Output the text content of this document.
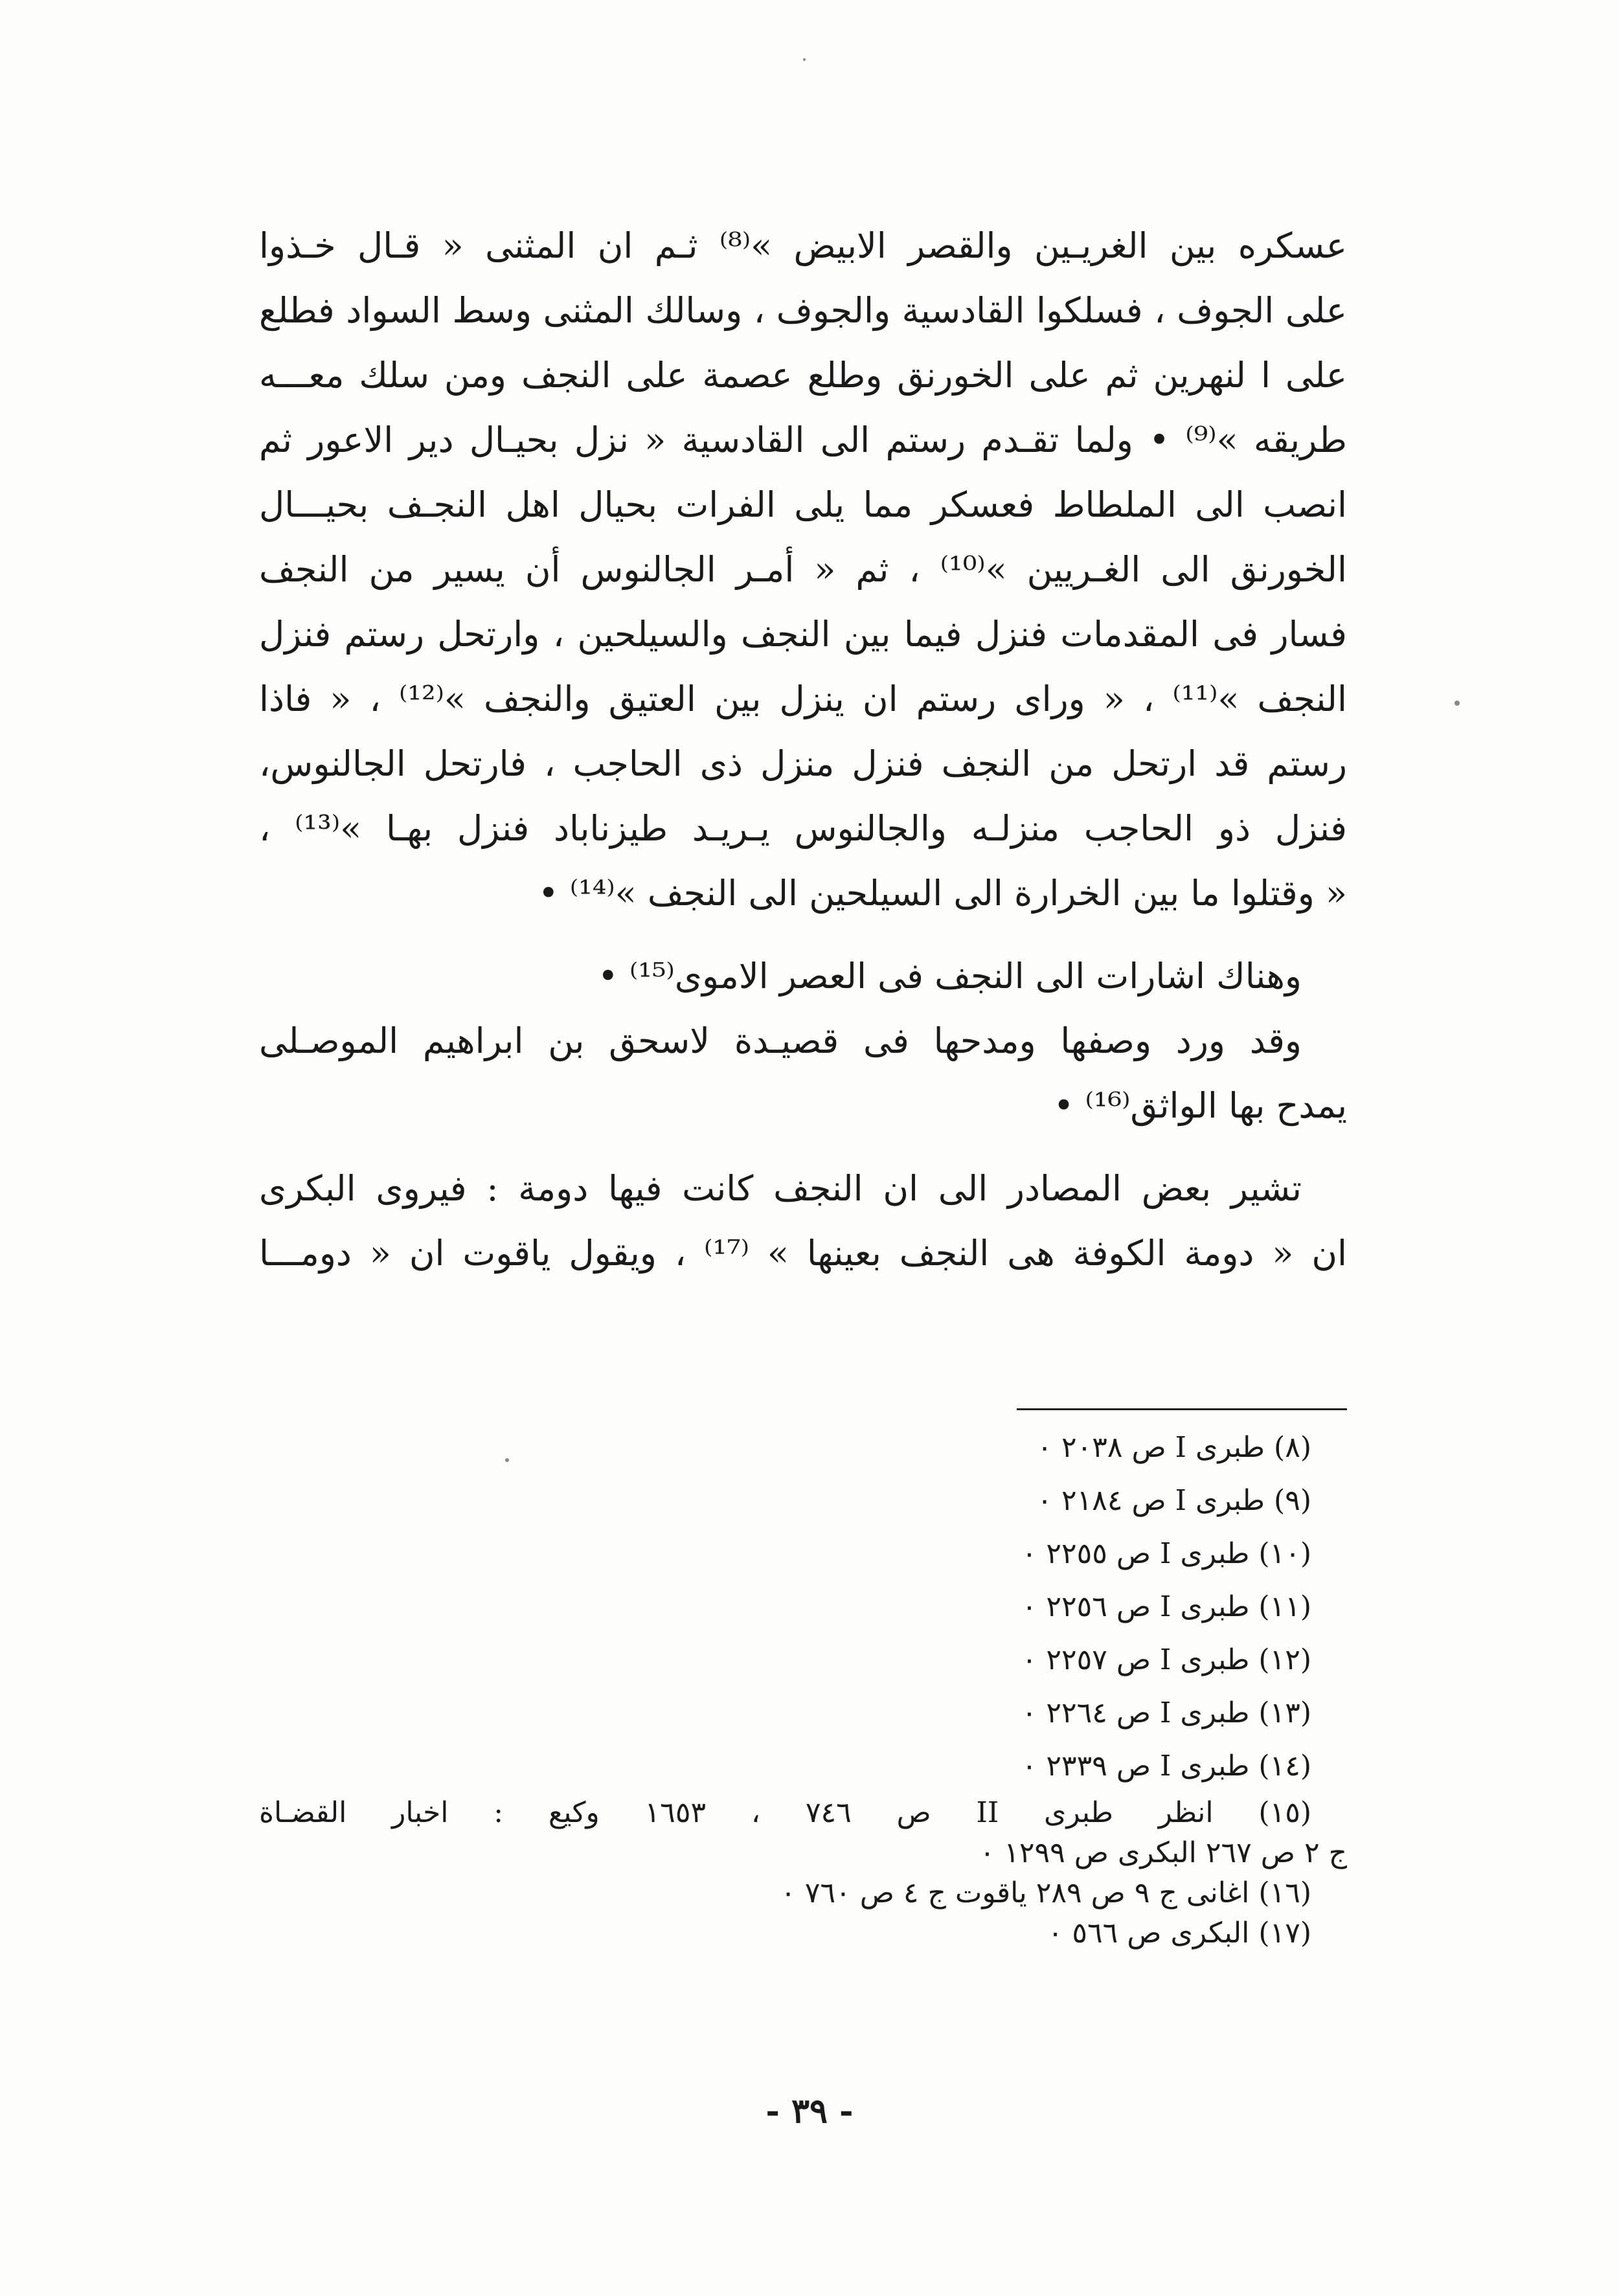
عسكره بين الغريـين والقصر الابيض »⁽⁸⁾ ثـم ان المثنى « قـال خـذوا
على الجوف ، فسلكوا القادسية والجوف ، وسالك المثنى وسط السواد فطلع
على ا لنهرين ثم على الخورنق وطلع عصمة على النجف ومن سلك معـــه
طريقه »⁽⁹⁾ • ولما تقـدم رستم الى القادسية « نزل بحيـال دير الاعور ثم
انصب الى الملطاط فعسكر مما يلى الفرات بحيال اهل النجـف بحيـــال
الخورنق الى الغـريين »⁽¹⁰⁾ ، ثم « أمـر الجالنوس أن يسير من النجف
فسار فى المقدمات فنزل فيما بين النجف والسيلحين ، وارتحل رستم فنزل
النجف »⁽¹¹⁾ ، « وراى رستم ان ينزل بين العتيق والنجف »⁽¹²⁾ ، « فاذا
رستم قد ارتحل من النجف فنزل منزل ذى الحاجب ، فارتحل الجالنوس،
فنزل ذو الحاجب منزلـه والجالنوس يـريـد طيزناباد فنزل بهـا »⁽¹³⁾ ،
« وقتلوا ما بين الخرارة الى السيلحين الى النجف »⁽¹⁴⁾ •
وهناك اشارات الى النجف فى العصر الاموى⁽¹⁵⁾ •
وقد ورد وصفها ومدحها فى قصيـدة لاسحق بن ابراهيم الموصـلى
يمدح بها الواثق⁽¹⁶⁾ •
تشير بعض المصادر الى ان النجف كانت فيها دومة : فيروى البكرى
ان « دومة الكوفة هى النجف بعينها » ⁽¹⁷⁾ ، ويقول ياقوت ان « دومـــا
(٨) طبرى I ص ٢٠٣٨ ٠
(٩) طبرى I ص ٢١٨٤ ٠
(١٠) طبرى I ص ٢٢٥٥ ٠
(١١) طبرى I ص ٢٢٥٦ ٠
(١٢) طبرى I ص ٢٢٥٧ ٠
(١٣) طبرى I ص ٢٢٦٤ ٠
(١٤) طبرى I ص ٢٣٣٩ ٠
(١٥) انظر طبرى II ص ٧٤٦ ، ١٦٥٣ وكيع : اخبار القضـاة
ج ٢ ص ٢٦٧ البكرى ص ١٢٩٩ ٠
(١٦) اغانى ج ٩ ص ٢٨٩ ياقوت ج ٤ ص ٧٦٠ ٠
(١٧) البكرى ص ٥٦٦ ٠
- ٣٩ -
